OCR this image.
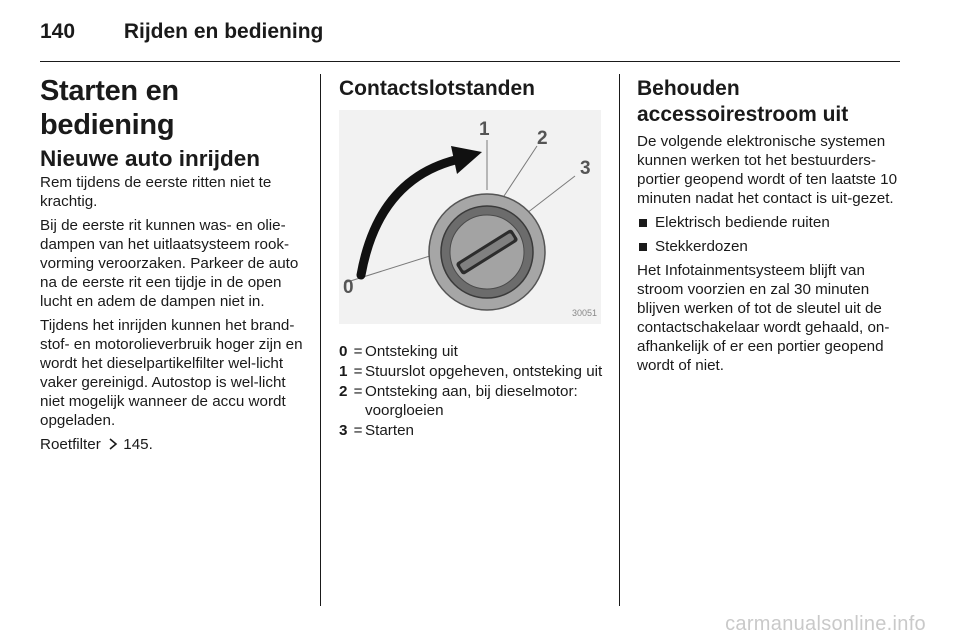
140 Rijden en bediening
Starten en bediening
Nieuwe auto inrijden

Rem tijdens de eerste ritten niet te krachtig.

Bij de eerste rit kunnen was- en olie-dampen van het uitlaatsysteem rook-vorming veroorzaken. Parkeer de auto na de eerste rit een tijdje in de open lucht en adem de dampen niet in.

Tijdens het inrijden kunnen het brand-stof- en motorolieverbruik hoger zijn en wordt het dieselpartikelfilter wel-licht vaker gereinigd. Autostop is wel-licht niet mogelijk wanneer de accu wordt opgeladen.

Roetfilter 145.

Contactslotstanden
0
1 2
3
30051
0 = Ontsteking uit
1 = Stuurslot opgeheven, ontsteking uit
2 = Ontsteking aan, bij dieselmotor: voorgloeien
3 = Starten
Behouden accessoirestroom uit

De volgende elektronische systemen kunnen werken tot het bestuurders-portier geopend wordt of ten laatste 10 minuten nadat het contact is uit-gezet.

Elektrisch bediende ruiten
Stekkerdozen

Het Infotainmentsysteem blijft van stroom voorzien en zal 30 minuten blijven werken of tot de sleutel uit de contactschakelaar wordt gehaald, on-afhankelijk of er een portier geopend wordt of niet.

carmanualsonline.info
